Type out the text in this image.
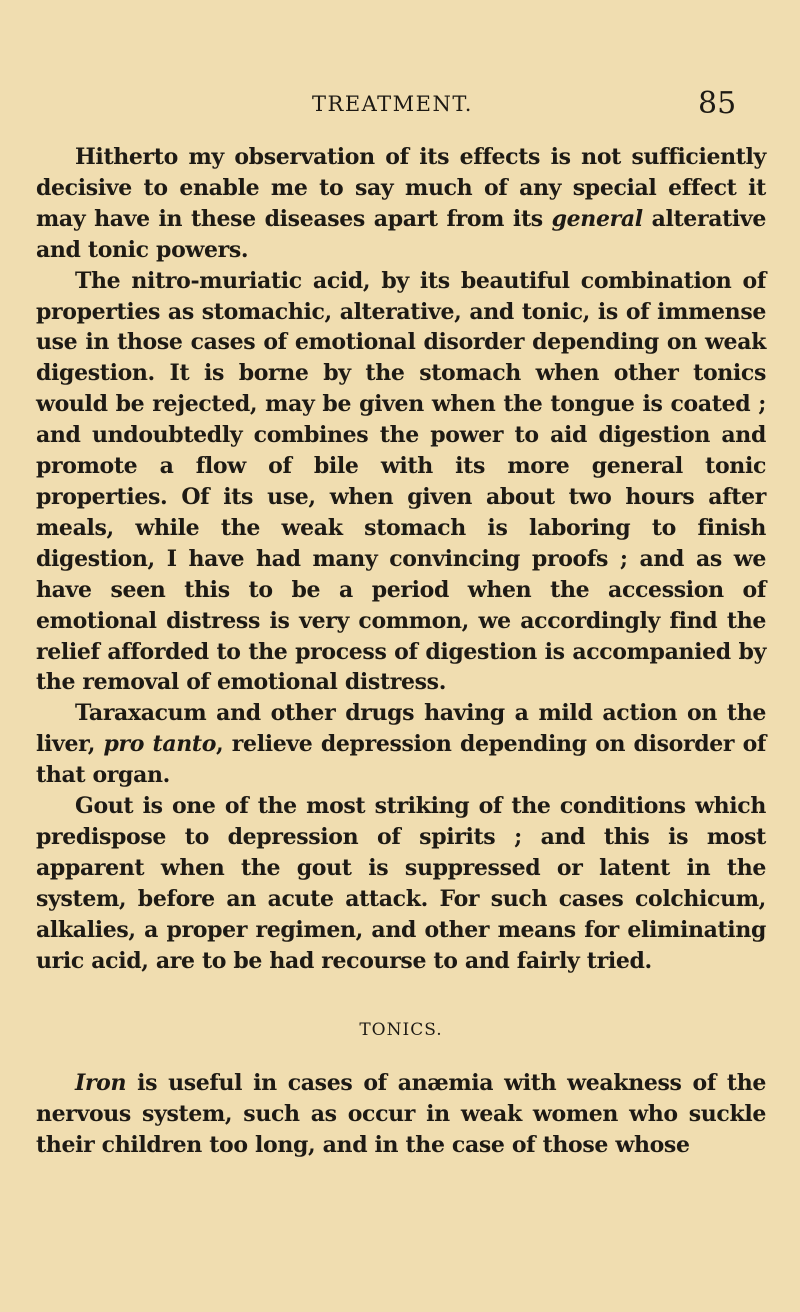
TREATMENT.	85

Hitherto my observation of its effects is not sufficiently decisive to enable me to say much of any special effect it may have in these diseases apart from its general alterative and tonic powers.

The nitro-muriatic acid, by its beautiful combination of properties as stomachic, alterative, and tonic, is of immense use in those cases of emotional disorder depending on weak digestion. It is borne by the stomach when other tonics would be rejected, may be given when the tongue is coated ; and undoubtedly combines the power to aid digestion and promote a flow of bile with its more general tonic properties. Of its use, when given about two hours after meals, while the weak stomach is laboring to finish digestion, I have had many convincing proofs ; and as we have seen this to be a period when the accession of emotional distress is very common, we accordingly find the relief afforded to the process of digestion is accompanied by the removal of emotional distress.

Taraxacum and other drugs having a mild action on the liver, pro tanto, relieve depression depending on disorder of that organ.

Gout is one of the most striking of the conditions which predispose to depression of spirits ; and this is most apparent when the gout is suppressed or latent in the system, before an acute attack. For such cases colchicum, alkalies, a proper regimen, and other means for eliminating uric acid, are to be had recourse to and fairly tried.

TONICS.

Iron is useful in cases of anæmia with weakness of the nervous system, such as occur in weak women who suckle their children too long, and in the case of those whose
